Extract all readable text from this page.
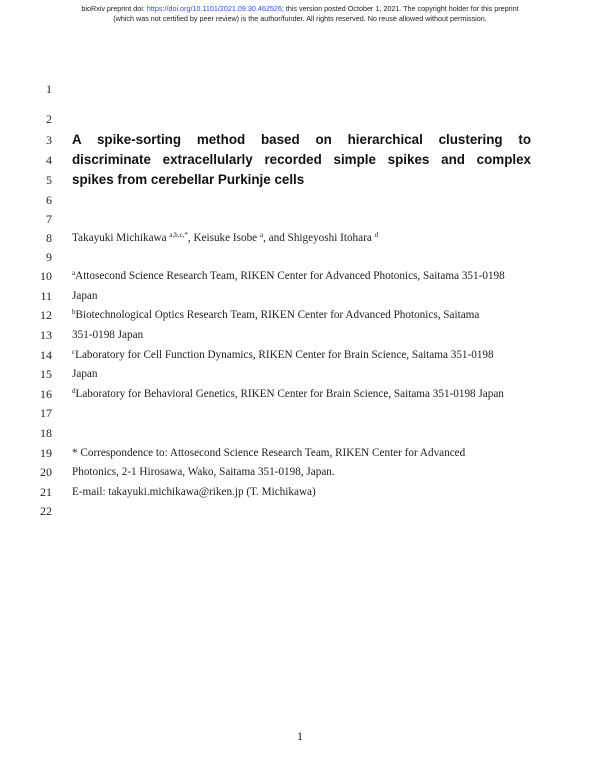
bioRxiv preprint doi: https://doi.org/10.1101/2021.09.30.462526; this version posted October 1, 2021. The copyright holder for this preprint
(which was not certified by peer review) is the author/funder. All rights reserved. No reuse allowed without permission.
1
2
3
4
5
6
7
8
9
10
11
12
13
14
15
16
17
18
19
20
21
22
A spike-sorting method based on hierarchical clustering to
discriminate extracellularly recorded simple spikes and complex
spikes from cerebellar Purkinje cells
Takayuki Michikawa $^{a,b,c,*}$, Keisuke Isobe $^a$, and Shigeyoshi Itohara $^d$
$^a$Attosecond Science Research Team, RIKEN Center for Advanced Photonics, Saitama 351-0198
Japan
$^b$Biotechnological Optics Research Team, RIKEN Center for Advanced Photonics, Saitama
351-0198 Japan
$^c$Laboratory for Cell Function Dynamics, RIKEN Center for Brain Science, Saitama 351-0198
Japan
$^d$Laboratory for Behavioral Genetics, RIKEN Center for Brain Science, Saitama 351-0198 Japan
* Correspondence to: Attosecond Science Research Team, RIKEN Center for Advanced
Photonics, 2-1 Hirosawa, Wako, Saitama 351-0198, Japan.
E-mail: takayuki.michikawa@riken.jp (T. Michikawa)
1
